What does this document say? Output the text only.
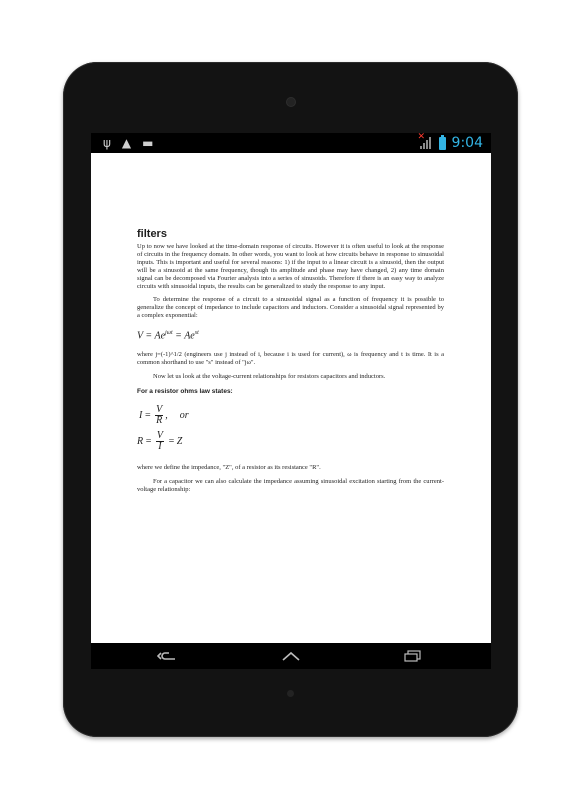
ψ ▲ ▬	✕ 9:04
filters

Up to now we have looked at the time-domain response of circuits. However it is often useful to look at the response of circuits in the frequency domain. In other words, you want to look at how circuits behave in response to sinusoidal inputs. This is important and useful for several reasons: 1) if the input to a linear circuit is a sinusoid, then the output will be a sinusoid at the same frequency, though its amplitude and phase may have changed, 2) any time domain signal can be decomposed via Fourier analysis into a series of sinusoids. Therefore if there is an easy way to analyze circuits with sinusoidal inputs, the results can be generalized to study the response to any input.

To determine the response of a circuit to a sinusoidal signal as a function of frequency it is possible to generalize the concept of impedance to include capacitors and inductors. Consider a sinusoidal signal represented by a complex exponential:

$V = Ae^{j\omega t} = Ae^{st}$

where j=(-1)^1/2 (engineers use j instead of i, because i is used for current), ω is frequency and t is time. It is a common shorthand to use "s" instead of "jω".

Now let us look at the voltage-current relationships for resistors capacitors and inductors.

For a resistor ohms law states:

$I = \frac{V}{R}$ , or
$R = \frac{V}{I} = Z$

where we define the impedance, "Z", of a resistor as its resistance "R".

For a capacitor we can also calculate the impedance assuming sinusoidal excitation starting from the current-voltage relationship:
